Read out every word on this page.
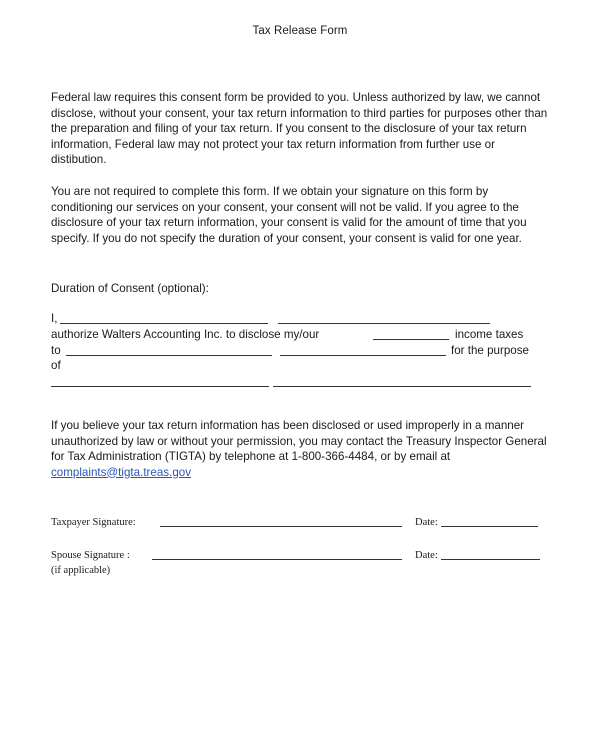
Tax Release Form

Federal law requires this consent form be provided to you. Unless authorized by law, we cannot disclose, without your consent, your tax return information to third parties for purposes other than the preparation and filing of your tax return. If you consent to the disclosure of your tax return information, Federal law may not protect your tax return information from further use or distibution.

You are not required to complete this form. If we obtain your signature on this form by conditioning our services on your consent, your consent will not be valid. If you agree to the disclosure of your tax return information, your consent is valid for the amount of time that you specify. If you do not specify the duration of your consent, your consent is valid for one year.

Duration of Consent (optional):
I,
authorize Walters Accounting Inc. to disclose my/our	income taxes
to	for the purpose
of

If you believe your tax return information has been disclosed or used improperly in a manner unauthorized by law or without your permission, you may contact the Treasury Inspector General for Tax Administration (TIGTA) by telephone at 1-800-366-4484, or by email at complaints@tigta.treas.gov

Taxpayer Signature:	Date:
Spouse Signature :	Date:
(if applicable)
